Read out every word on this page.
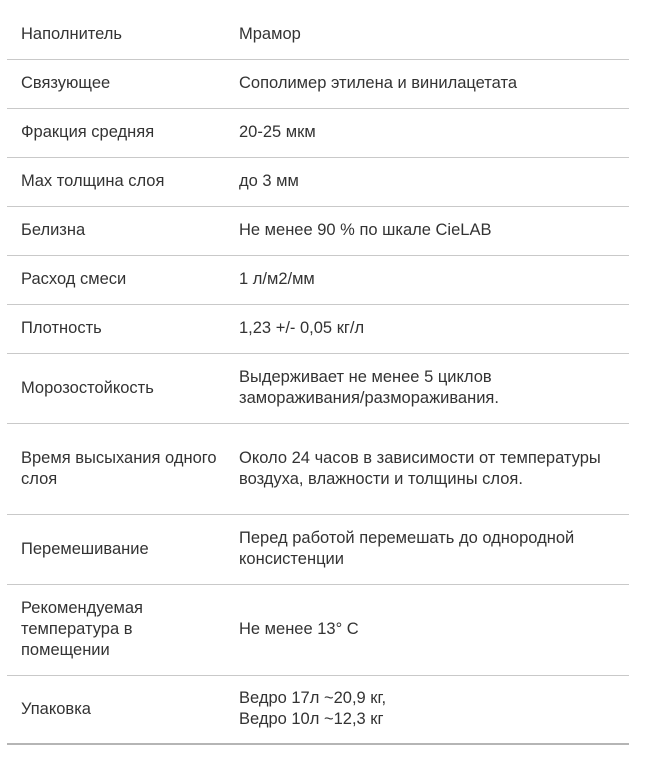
Наполнитель	Мрамор
Связующее	Сополимер этилена и винилацетата
Фракция средняя	20-25 мкм
Max толщина слоя	до 3 мм
Белизна	Не менее 90 % по шкале CieLAB
Расход смеси	1 л/м2/мм
Плотность	1,23 +/- 0,05 кг/л
Морозостойкость	Выдерживает не менее 5 циклов замораживания/размораживания.
Время высыхания одного слоя	Около 24 часов в зависимости от температуры воздуха, влажности и толщины слоя.
Перемешивание	Перед работой перемешать до однородной консистенции
Рекомендуемая температура в помещении	Не менее 13° С
Упаковка	Ведро 17л ~20,9 кг,
Ведро 10л ~12,3 кг
